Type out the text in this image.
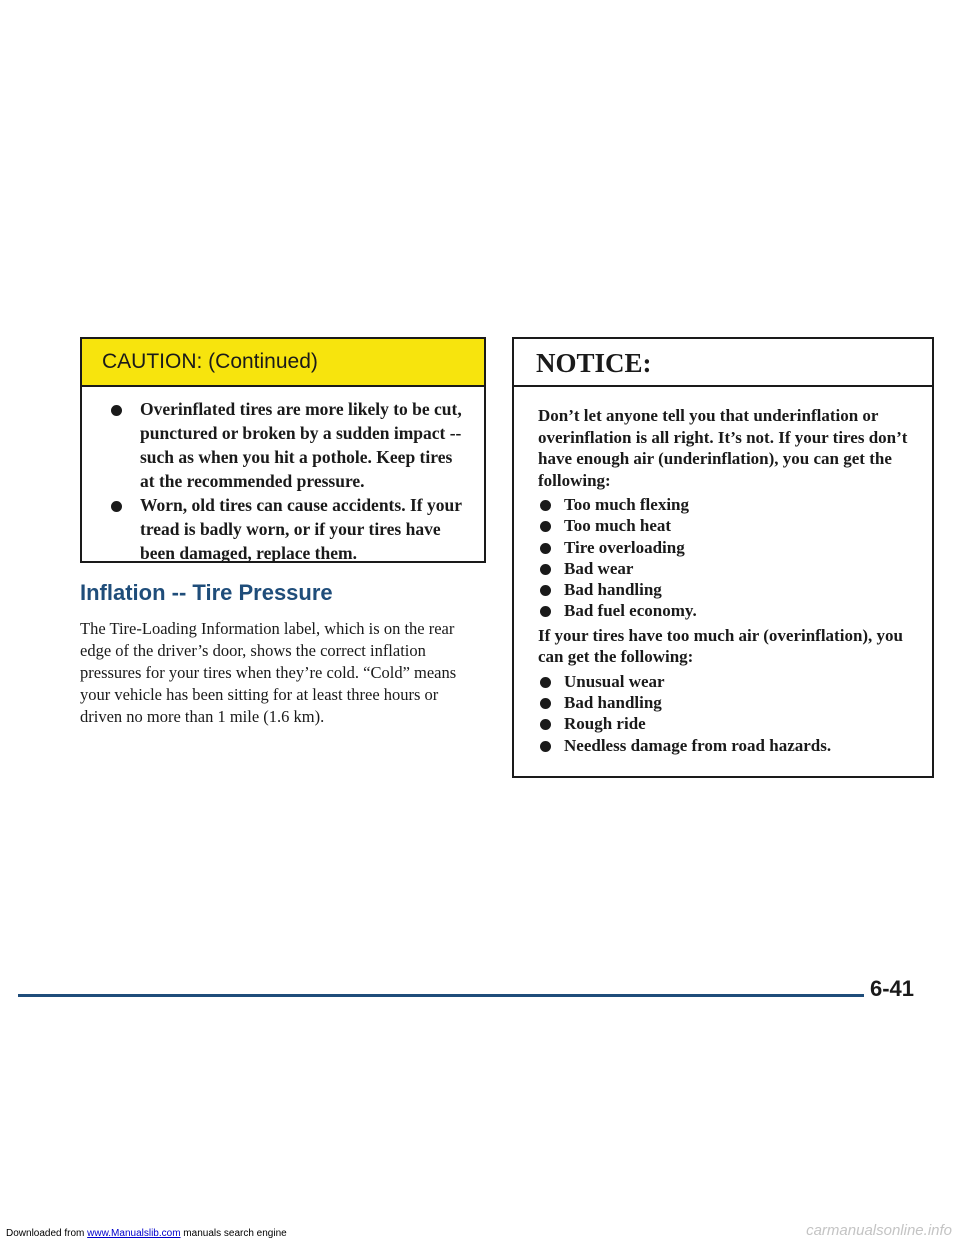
CAUTION: (Continued)
Overinflated tires are more likely to be cut, punctured or broken by a sudden impact -- such as when you hit a pothole. Keep tires at the recommended pressure.
Worn, old tires can cause accidents. If your tread is badly worn, or if your tires have been damaged, replace them.
Inflation -- Tire Pressure

The Tire-Loading Information label, which is on the rear edge of the driver’s door, shows the correct inflation pressures for your tires when they’re cold. “Cold” means your vehicle has been sitting for at least three hours or driven no more than 1 mile (1.6 km).

NOTICE:

Don’t let anyone tell you that underinflation or overinflation is all right. It’s not. If your tires don’t have enough air (underinflation), you can get the following:

Too much flexing
Too much heat
Tire overloading
Bad wear
Bad handling
Bad fuel economy.

If your tires have too much air (overinflation), you can get the following:

Unusual wear
Bad handling
Rough ride
Needless damage from road hazards.
6-41
Downloaded from www.Manualslib.com manuals search engine	carmanualsonline.info
